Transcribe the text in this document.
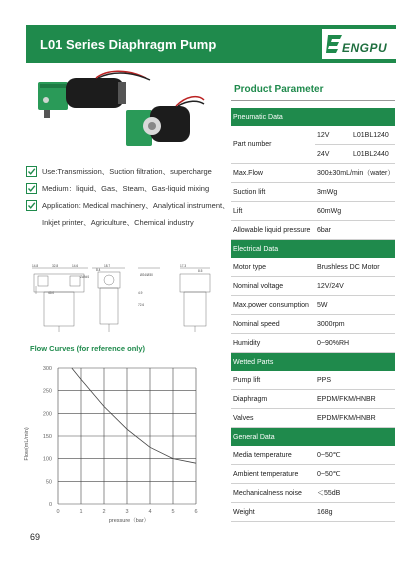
L01 Series Diaphragm Pump	ENGPU
Use:Transmission、Suction filtration、supercharge
Medium：liquid、Gas、Steam、Gas-liquid mixing
Application: Medical machinery、Analytical instrument、
Inkjet printer、Agriculture、Chemical industry
14.8	32.8	14.6	18.7
8.4
4.9
45.0
Ø24/Ø30
17.3
8.5
72.6
ZAN/4
Flow Curves (for reference only)
Flow(mL/min)
pressure（bar）
0	1	2	3	4	5	6
0
50
100
150
200
250
300
69
Product Parameter
Pneumatic Data		
Part number	12V	L01BL1240
	24V	L01BL2440
Max.Flow	300±30mL/min（water）	
Suction lift	3mWg	
Lift	60mWg	
Allowable liquid pressure	6bar	
Electrical Data		
Motor type	Brushless DC Motor	
Nominal voltage	12V/24V	
Max.power consumption	5W	
Nominal speed	3000rpm	
Humidity	0~90%RH	
Wetted Parts		
Pump lift	PPS	
Diaphragm	EPDM/FKM/HNBR	
Valves	EPDM/FKM/HNBR	
General Data		
Media temperature	0~50℃	
Ambient temperature	0~50℃	
Mechanicalness noise	＜55dB	
Weight	168g	
